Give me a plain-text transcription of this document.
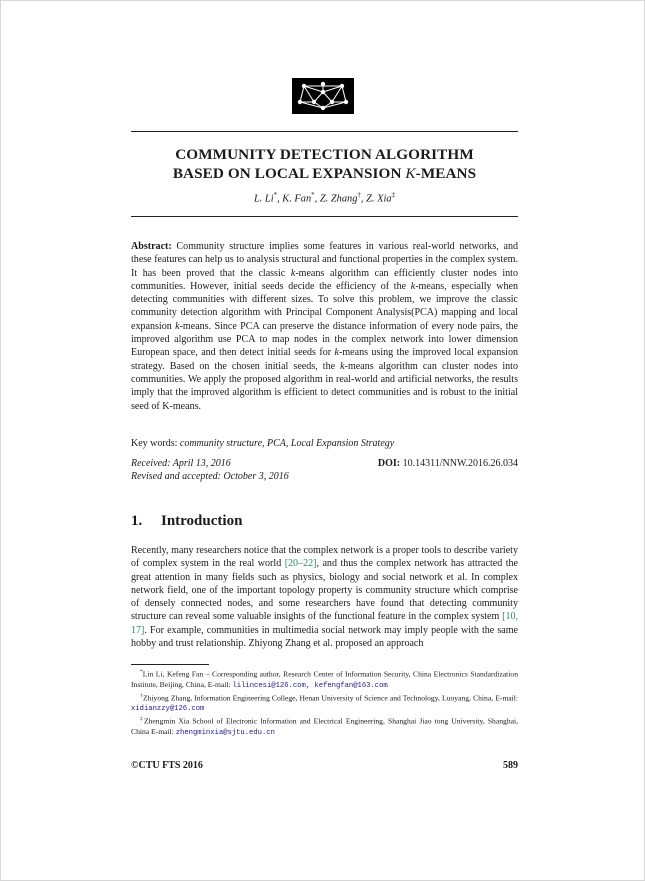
COMMUNITY DETECTION ALGORITHM
BASED ON LOCAL EXPANSION K-MEANS
L. Li*, K. Fan*, Z. Zhang†, Z. Xia‡

Abstract: Community structure implies some features in various real-world networks, and these features can help us to analysis structural and functional properties in the complex system. It has been proved that the classic k-means algorithm can efficiently cluster nodes into communities. However, initial seeds decide the efficiency of the k-means, especially when detecting communities with different sizes. To solve this problem, we improve the classic community detection algorithm with Principal Component Analysis(PCA) mapping and local expansion k-means. Since PCA can preserve the distance information of every node pairs, the improved algorithm use PCA to map nodes in the complex network into lower dimension European space, and then detect initial seeds for k-means using the improved local expansion strategy. Based on the chosen initial seeds, the k-means algorithm can cluster nodes into communities. We apply the proposed algorithm in real-world and artificial networks, the results imply that the improved algorithm is efficient to detect communities and is robust to the initial seed of K-means.

Key words: community structure, PCA, Local Expansion Strategy
Received: April 13, 2016
Revised and accepted: October 3, 2016
DOI: 10.14311/NNW.2016.26.034
1. Introduction

Recently, many researchers notice that the complex network is a proper tools to describe variety of complex system in the real world [20–22], and thus the complex network has attracted the great attention in many fields such as physics, biology and social network et al. In complex network field, one of the important topology property is community structure which comprise of densely connected nodes, and some researchers have found that detecting community structure can reveal some valuable insights of the functional feature in the complex system [10, 17]. For example, communities in multimedia social network may imply people with the same hobby and trust relationship. Zhiyong Zhang et al. proposed an approach

*Lin Li, Kefeng Fan – Corresponding author, Research Center of Information Security, China Electronics Standardization Institute, Beijing, China, E-mail: lilincesi@126.com, kefengfan@163.com

†Zhiyong Zhang, Information Engineering College, Henan University of Science and Technology, Luoyang, China, E-mail: xidianzzy@126.com

‡Zhengmin Xia School of Electronic Information and Electrical Engineering, Shanghai Jiao tong University, Shanghai, China E-mail: zhengminxia@sjtu.edu.cn

©CTU FTS 2016	589
